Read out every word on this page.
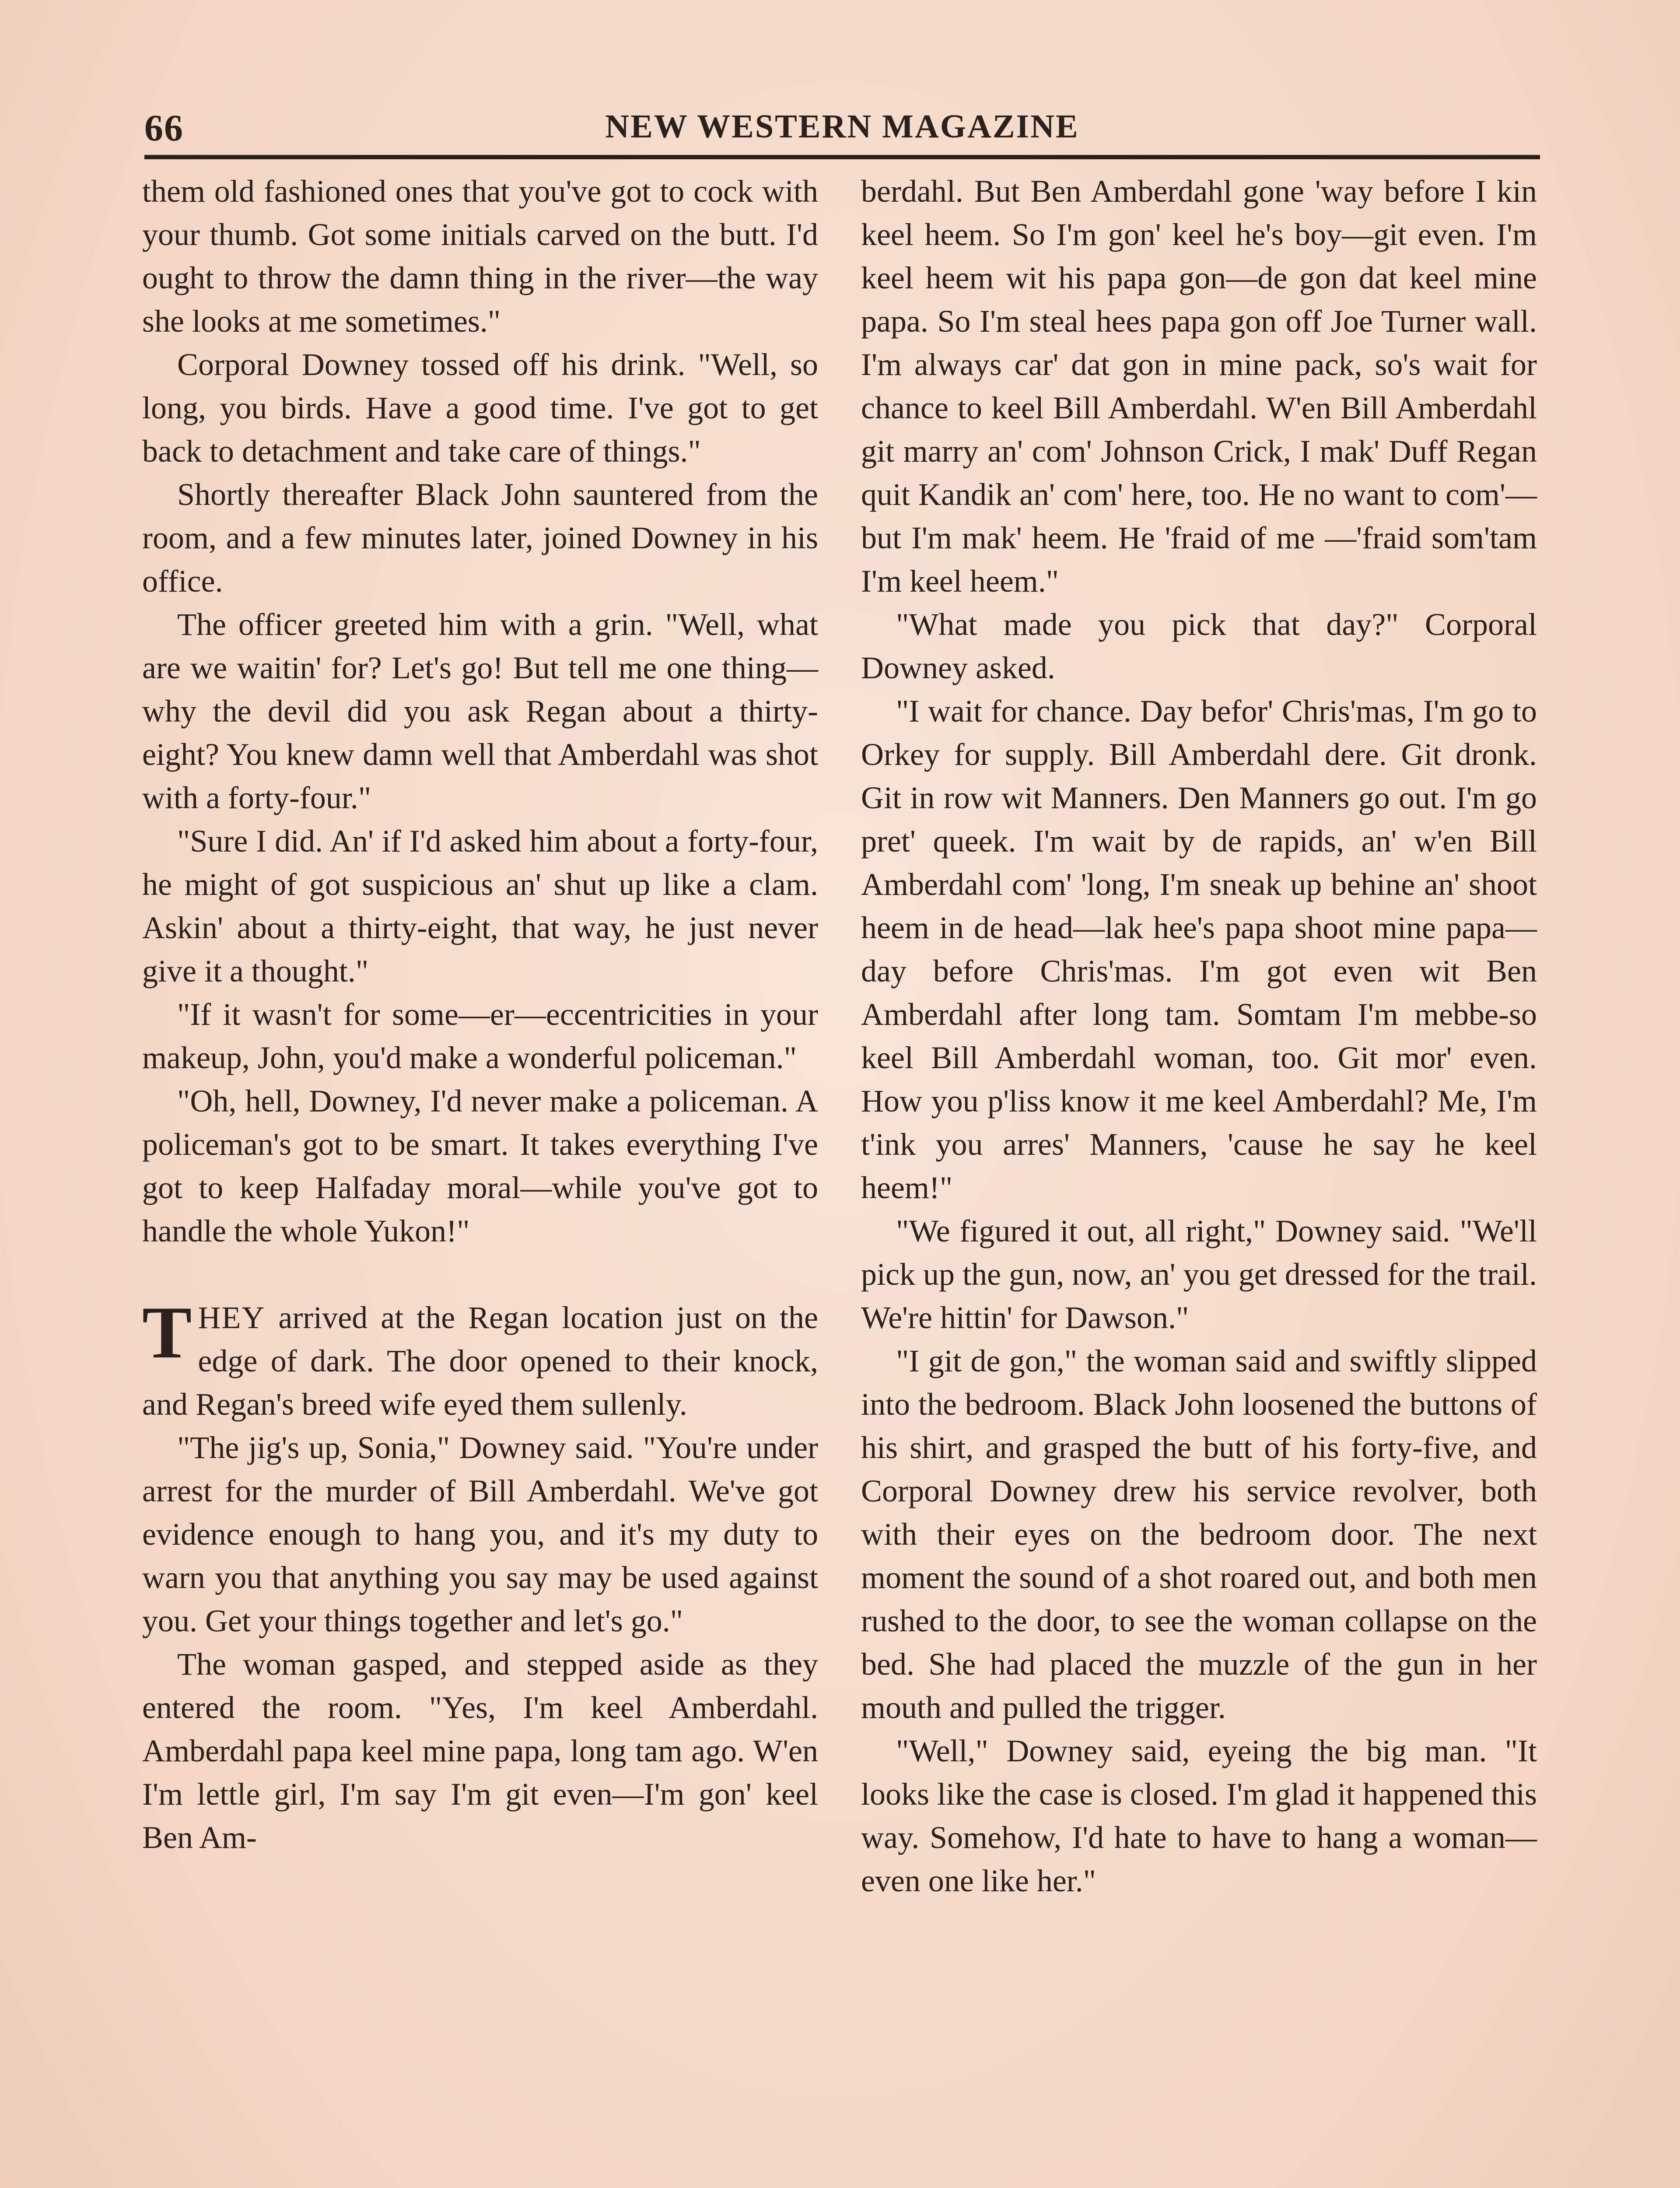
66	NEW WESTERN MAGAZINE

them old fashioned ones that you've got to cock with your thumb. Got some initials carved on the butt. I'd ought to throw the damn thing in the river—the way she looks at me sometimes."

Corporal Downey tossed off his drink. "Well, so long, you birds. Have a good time. I've got to get back to detachment and take care of things."

Shortly thereafter Black John sauntered from the room, and a few minutes later, joined Downey in his office.

The officer greeted him with a grin. "Well, what are we waitin' for? Let's go! But tell me one thing—why the devil did you ask Regan about a thirty-eight? You knew damn well that Amberdahl was shot with a forty-four."

"Sure I did. An' if I'd asked him about a forty-four, he might of got suspicious an' shut up like a clam. Askin' about a thirty-eight, that way, he just never give it a thought."

"If it wasn't for some—er—eccentricities in your makeup, John, you'd make a wonderful policeman."

"Oh, hell, Downey, I'd never make a policeman. A policeman's got to be smart. It takes everything I've got to keep Halfaday moral—while you've got to handle the whole Yukon!"

THEY arrived at the Regan location just on the edge of dark. The door opened to their knock, and Regan's breed wife eyed them sullenly.

"The jig's up, Sonia," Downey said. "You're under arrest for the murder of Bill Amberdahl. We've got evidence enough to hang you, and it's my duty to warn you that anything you say may be used against you. Get your things together and let's go."

The woman gasped, and stepped aside as they entered the room. "Yes, I'm keel Amberdahl. Amberdahl papa keel mine papa, long tam ago. W'en I'm lettle girl, I'm say I'm git even—I'm gon' keel Ben Am-

berdahl. But Ben Amberdahl gone 'way before I kin keel heem. So I'm gon' keel he's boy—git even. I'm keel heem wit his papa gon—de gon dat keel mine papa. So I'm steal hees papa gon off Joe Turner wall. I'm always car' dat gon in mine pack, so's wait for chance to keel Bill Amberdahl. W'en Bill Amberdahl git marry an' com' Johnson Crick, I mak' Duff Regan quit Kandik an' com' here, too. He no want to com'—but I'm mak' heem. He 'fraid of me —'fraid som'tam I'm keel heem."

"What made you pick that day?" Corporal Downey asked.

"I wait for chance. Day befor' Chris'mas, I'm go to Orkey for supply. Bill Amberdahl dere. Git dronk. Git in row wit Manners. Den Manners go out. I'm go pret' queek. I'm wait by de rapids, an' w'en Bill Amberdahl com' 'long, I'm sneak up behine an' shoot heem in de head—lak hee's papa shoot mine papa—day before Chris'mas. I'm got even wit Ben Amberdahl after long tam. Somtam I'm mebbe-so keel Bill Amberdahl woman, too. Git mor' even. How you p'liss know it me keel Amberdahl? Me, I'm t'ink you arres' Manners, 'cause he say he keel heem!"

"We figured it out, all right," Downey said. "We'll pick up the gun, now, an' you get dressed for the trail. We're hittin' for Dawson."

"I git de gon," the woman said and swiftly slipped into the bedroom. Black John loosened the buttons of his shirt, and grasped the butt of his forty-five, and Corporal Downey drew his service revolver, both with their eyes on the bedroom door. The next moment the sound of a shot roared out, and both men rushed to the door, to see the woman collapse on the bed. She had placed the muzzle of the gun in her mouth and pulled the trigger.

"Well," Downey said, eyeing the big man. "It looks like the case is closed. I'm glad it happened this way. Somehow, I'd hate to have to hang a woman—even one like her."
